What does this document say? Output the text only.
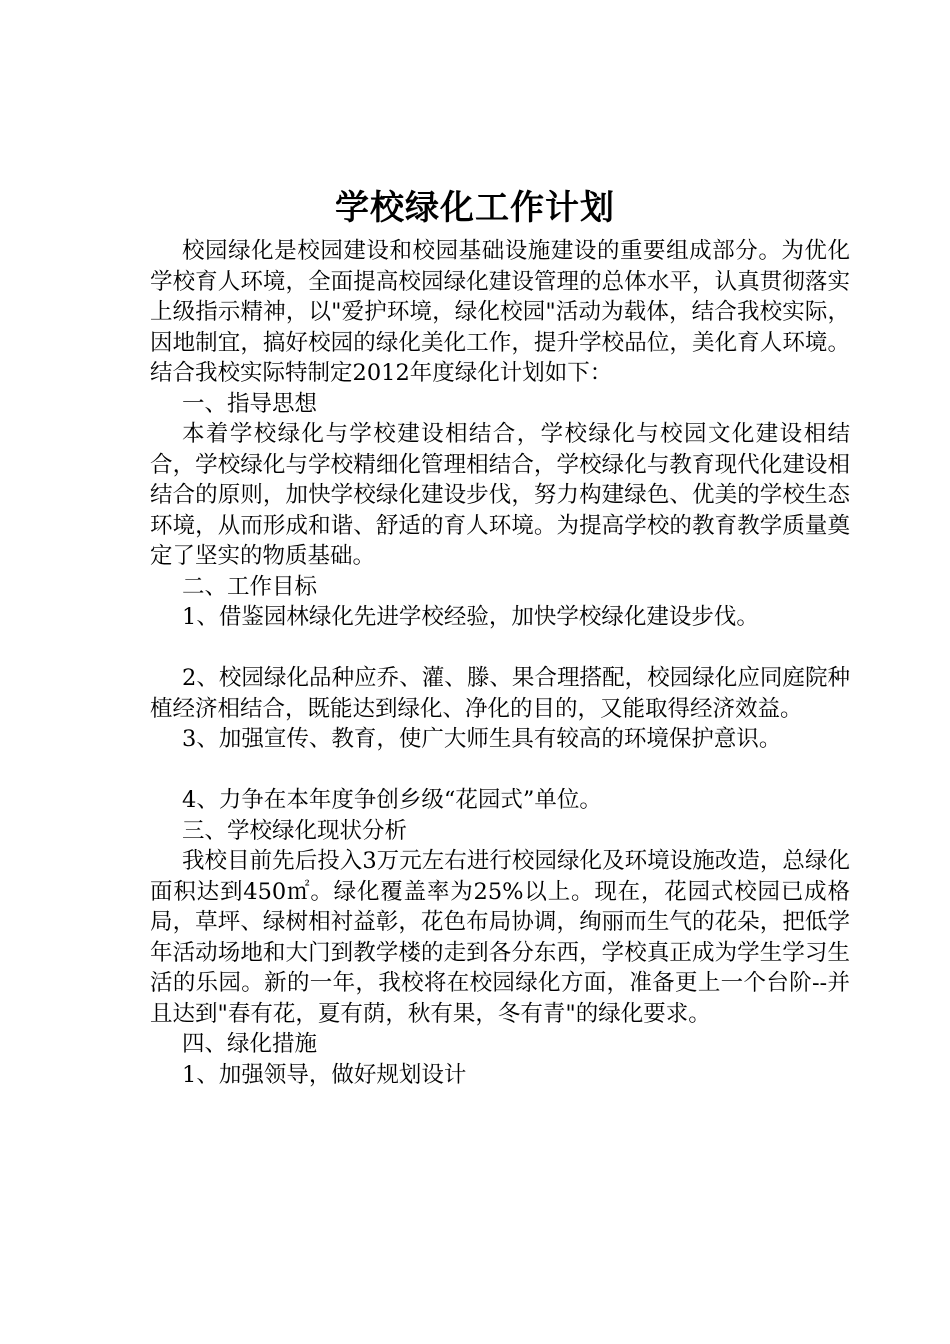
学校绿化工作计划

校园绿化是校园建设和校园基础设施建设的重要组成部分。为优化学校育人环境，全面提高校园绿化建设管理的总体水平，认真贯彻落实上级指示精神，以"爱护环境，绿化校园"活动为载体，结合我校实际，因地制宜，搞好校园的绿化美化工作，提升学校品位，美化育人环境。结合我校实际特制定2012年度绿化计划如下：

一、指导思想

本着学校绿化与学校建设相结合，学校绿化与校园文化建设相结合，学校绿化与学校精细化管理相结合，学校绿化与教育现代化建设相结合的原则，加快学校绿化建设步伐，努力构建绿色、优美的学校生态环境，从而形成和谐、舒适的育人环境。为提高学校的教育教学质量奠定了坚实的物质基础。

二、工作目标

1、借鉴园林绿化先进学校经验，加快学校绿化建设步伐。

2、校园绿化品种应乔、灌、滕、果合理搭配，校园绿化应同庭院种植经济相结合，既能达到绿化、净化的目的，又能取得经济效益。

3、加强宣传、教育，使广大师生具有较高的环境保护意识。

4、力争在本年度争创乡级“花园式”单位。

三、学校绿化现状分析

我校目前先后投入3万元左右进行校园绿化及环境设施改造，总绿化面积达到450㎡。绿化覆盖率为25%以上。现在，花园式校园已成格局，草坪、绿树相衬益彰，花色布局协调，绚丽而生气的花朵，把低学年活动场地和大门到教学楼的走到各分东西，学校真正成为学生学习生活的乐园。新的一年，我校将在校园绿化方面，准备更上一个台阶--并且达到"春有花，夏有荫，秋有果，冬有青"的绿化要求。

四、绿化措施

1、加强领导，做好规划设计
